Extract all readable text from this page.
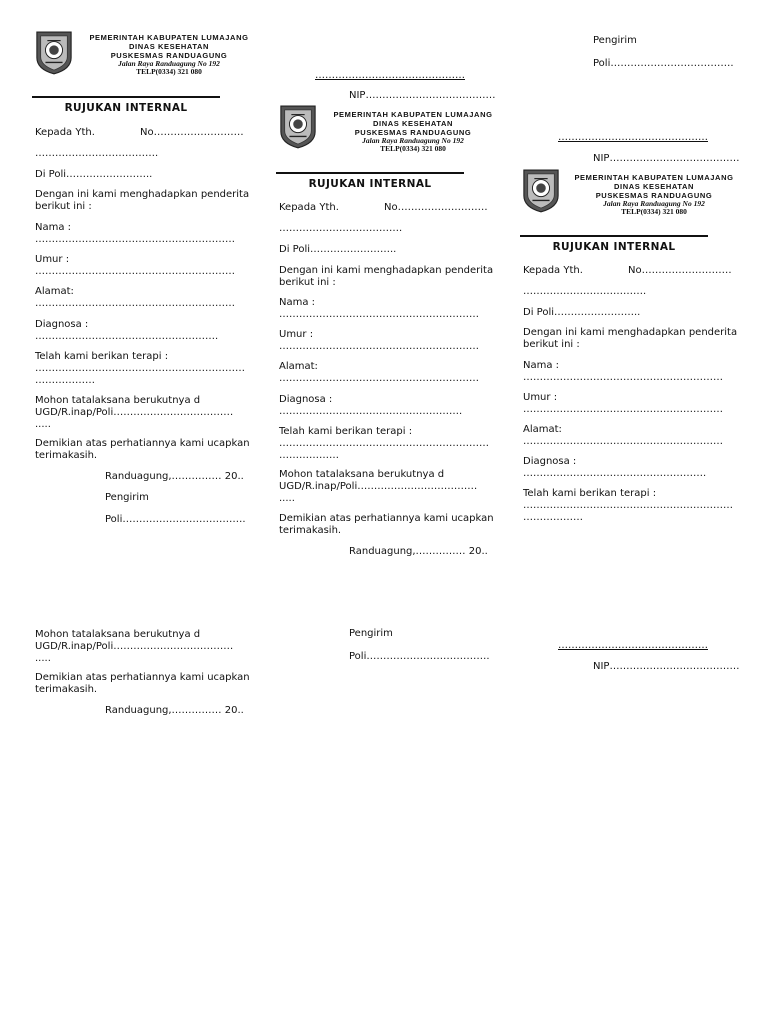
PEMERINTAH KABUPATEN LUMAJANG
DINAS KESEHATAN
PUSKESMAS RANDUAGUNG
Jalan Raya Randuagung No 192
TELP(0334) 321 080
RUJUKAN INTERNAL
Kepada Yth.	No………………………
……………………………….
Di Poli……………………..
Dengan ini kami menghadapkan penderita berikut ini :
Nama :
……………………………………………………
Umur :
……………………………………………………
Alamat:
……………………………………………………
Diagnosa :
……………………………………………….
Telah kami berikan terapi :
………………………………………………………
………………
Mohon tatalaksana berukutnya d UGD/R.inap/Poli………………………………
.....
Demikian atas perhatiannya kami ucapkan terimakasih.
Randuagung,…………… 20..
Pengirim
Poli……………………………….
Mohon tatalaksana berukutnya d UGD/R.inap/Poli………………………………
.....
Demikian atas perhatiannya kami ucapkan terimakasih.
Randuagung,…………… 20..
………………………………………
NIP…………………………………
PEMERINTAH KABUPATEN LUMAJANG
DINAS KESEHATAN
PUSKESMAS RANDUAGUNG
Jalan Raya Randuagung No 192
TELP(0334) 321 080
RUJUKAN INTERNAL
Kepada Yth.	No………………………
……………………………….
Di Poli……………………..
Dengan ini kami menghadapkan penderita berikut ini :
Nama :
……………………………………………………
Umur :
……………………………………………………
Alamat:
……………………………………………………
Diagnosa :
……………………………………………….
Telah kami berikan terapi :
………………………………………………………
………………
Mohon tatalaksana berukutnya d UGD/R.inap/Poli………………………………
.....
Demikian atas perhatiannya kami ucapkan terimakasih.
Randuagung,…………… 20..
Pengirim
Poli……………………………….
Pengirim
Poli……………………………….
………………………………………
NIP…………………………………
PEMERINTAH KABUPATEN LUMAJANG
DINAS KESEHATAN
PUSKESMAS RANDUAGUNG
Jalan Raya Randuagung No 192
TELP(0334) 321 080
RUJUKAN INTERNAL
Kepada Yth.	No………………………
……………………………….
Di Poli……………………..
Dengan ini kami menghadapkan penderita berikut ini :
Nama :
……………………………………………………
Umur :
……………………………………………………
Alamat:
……………………………………………………
Diagnosa :
……………………………………………….
Telah kami berikan terapi :
………………………………………………………
………………
………………………………………
NIP…………………………………
